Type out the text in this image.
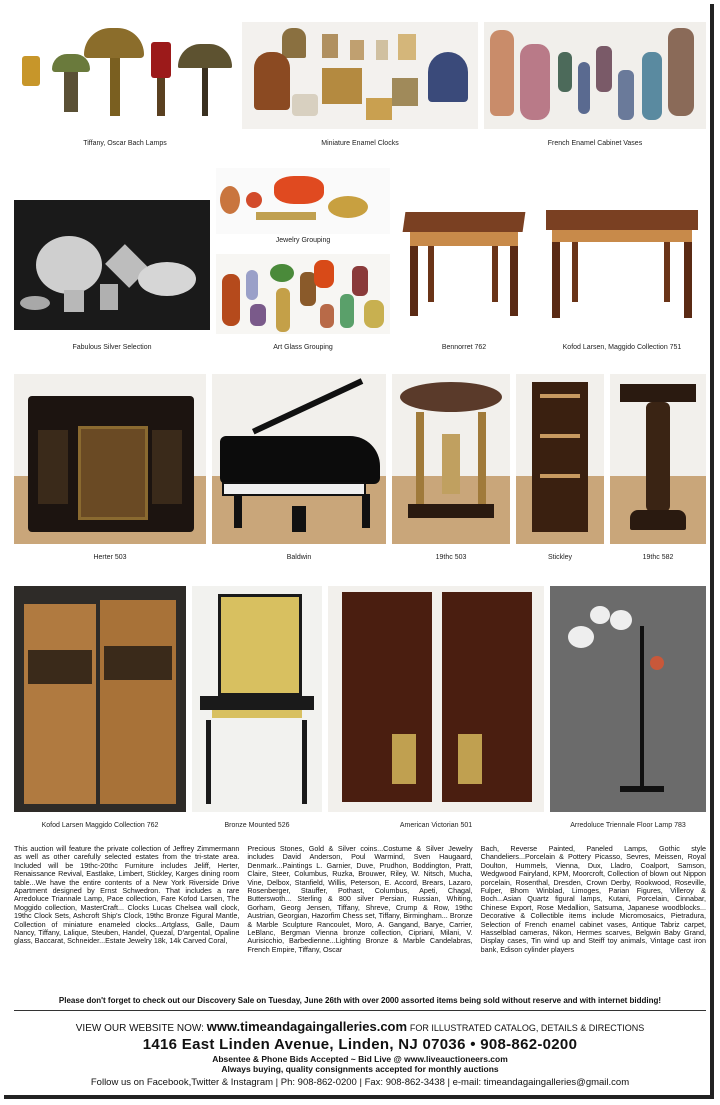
Tiffany, Oscar Bach Lamps	Miniature Enamel Clocks	French Enamel Cabinet Vases
Fabulous Silver Selection
Jewelry Grouping
Art Glass Grouping	Bennorret 762	Kofod Larsen, Maggido Collection 751
Herter 503	Baldwin	19thc 503	Stickley	19thc 582
Kofod Larsen Maggido Collection 762	Bronze Mounted 526	American Victorian 501	Arredoluce Triennale Floor Lamp 783
This auction will feature the private collection of Jeffrey Zimmermann as well as other carefully selected estates from the tri-state area. Included will be 19thc-20thc Furniture includes Jeliff, Herter, Renaissance Revival, Eastlake, Limbert, Stickley, Karges dining room table...We have the entire contents of a New York Riverside Drive Apartment designed by Ernst Schwedron. That includes a rare Arredoluce Triannale Lamp, Pace collection, Fare Kofod Larsen, The Moggido collection, MasterCraft... Clocks Lucas Chelsea wall clock, 19thc Clock Sets, Ashcroft Ship's Clock, 19thc Bronze Figural Mantle, Collection of miniature enameled clocks...Artglass, Galle, Daum Nancy, Tiffany, Lalique, Steuben, Handel, Quezal, D'argental, Opaline glass, Baccarat, Schneider...Estate Jewelry 18k, 14k Carved Coral,
Precious Stones, Gold & Silver coins...Costume & Silver Jewelry includes David Anderson, Poul Warmind, Sven Haugaard, Denmark...Paintings L. Garnier, Duve, Prudhon, Boddington, Pratt, Claire, Steer, Columbus, Ruzka, Brouwer, Riley, W. Nitsch, Mucha, Vine, Delbox, Stanfield, Willis, Peterson, E. Accord, Brears, Lazaro, Rosenberger, Stauffer, Pothast, Columbus, Apeti, Chagal, Butterswoth... Sterling & 800 silver Persian, Russian, Whiting, Gorham, Georg Jensen, Tiffany, Shreve, Crump & Row, 19thc Austrian, Georgian, Hazorfim Chess set, Tiffany, Birmingham... Bronze & Marble Sculpture Rancoulet, Moro, A. Gangand, Barye, Carrier, LeBlanc, Bergman Vienna bronze collection, Cipriani, Milani, V. Aurisicchio, Barbedienne...Lighting Bronze & Marble Candelabras, French Empire, Tiffany, Oscar
Bach, Reverse Painted, Paneled Lamps, Gothic style Chandeliers...Porcelain & Pottery Picasso, Sevres, Meissen, Royal Doulton, Hummels, Vienna, Dux, Lladro, Coalport, Samson, Wedgwood Fairyland, KPM, Moorcroft, Collection of blown out Nippon porcelain, Rosenthal, Dresden, Crown Derby, Rookwood, Roseville, Fulper, Bhom Winblad, Limoges, Parian Figures, Villeroy & Boch...Asian Quartz figural lamps, Kutani, Porcelain, Cinnabar, Chinese Export, Rose Medallion, Satsuma, Japanese woodblocks... Decorative & Collectible items include Micromosaics, Pietradura, Selection of French enamel cabinet vases, Antique Tabriz carpet, Hasselblad cameras, Nikon, Hermes scarves, Belgwin Baby Grand, Display cases, Tin wind up and Steiff toy animals, Vintage cast iron bank, Edison cylinder players
Please don't forget to check out our Discovery Sale on Tuesday, June 26th with over 2000 assorted items being sold without reserve and with internet bidding!
VIEW OUR WEBSITE NOW: www.timeandagaingalleries.com FOR ILLUSTRATED CATALOG, DETAILS & DIRECTIONS
1416 East Linden Avenue, Linden, NJ 07036 • 908-862-0200
Absentee & Phone Bids Accepted ~ Bid Live @ www.liveauctioneers.com
Always buying, quality consignments accepted for monthly auctions
Follow us on Facebook,Twitter & Instagram | Ph: 908-862-0200 | Fax: 908-862-3438 | e-mail: timeandagaingalleries@gmail.com
